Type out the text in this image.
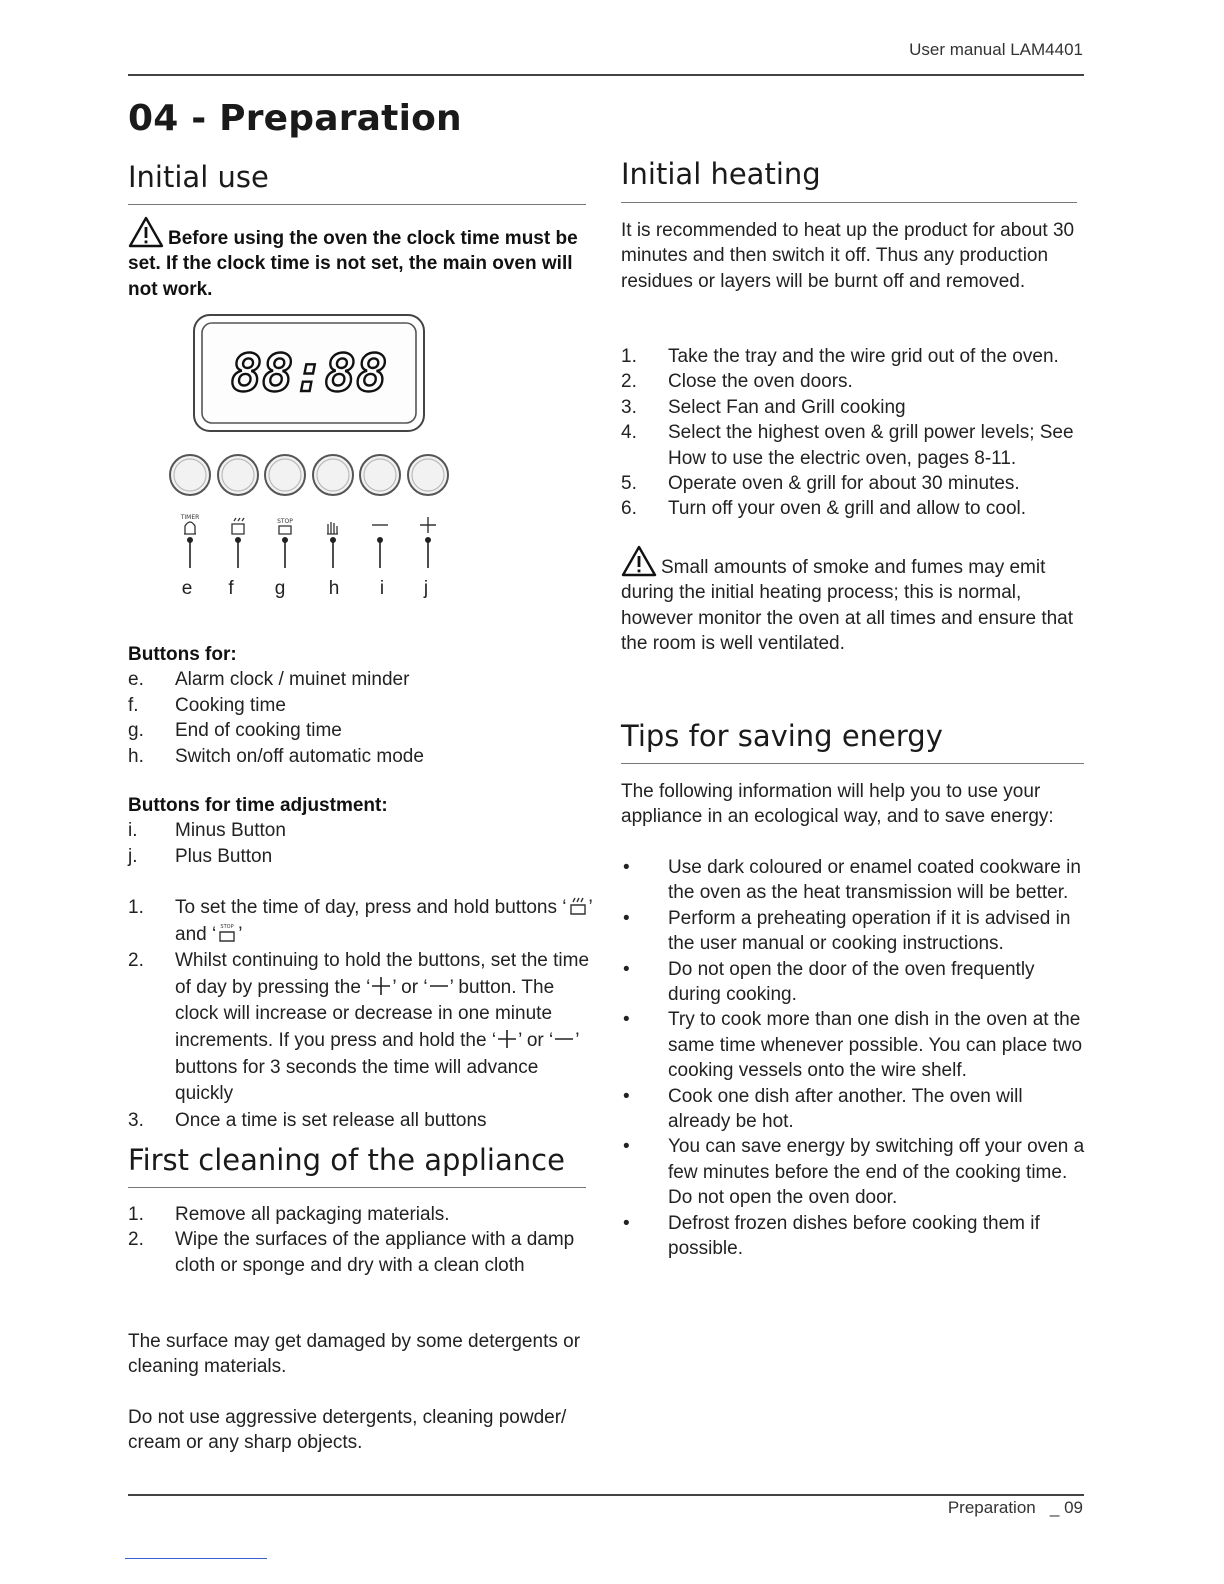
User manual LAM4401
04 - Preparation
Initial use
Before using the oven the clock time must be set. If the clock time is not set, the main oven will not work.
88:88
TIMER
STOP
e f g h i j
Buttons for:
e.	Alarm clock / muinet minder
f.	Cooking time
g.	End of cooking time
h.	Switch on/off automatic mode
Buttons for time adjustment:
i.	Minus Button
j.	Plus Button
1.	To set the time of day, press and hold buttons ‘ ’ and ‘ STOP ’
2.	Whilst continuing to hold the buttons, set the time of day by pressing the ‘ ’ or ‘ ’ button. The clock will increase or decrease in one minute increments. If you press and hold the ‘ ’ or ‘ ’ buttons for 3 seconds the time will advance quickly
3.	Once a time is set release all buttons
First cleaning of the appliance
1.	Remove all packaging materials.
2.	Wipe the surfaces of the appliance with a damp cloth or sponge and dry with a clean cloth
The surface may get damaged by some detergents or cleaning materials.
Do not use aggressive detergents, cleaning powder/ cream or any sharp objects.
Initial heating
It is recommended to heat up the product for about 30 minutes and then switch it off. Thus any production residues or layers will be burnt off and removed.
1.	Take the tray and the wire grid out of the oven.
2.	Close the oven doors.
3.	Select Fan and Grill cooking
4.	Select the highest oven & grill power levels; See How to use the electric oven, pages 8-11.
5.	Operate oven & grill for about 30 minutes.
6.	Turn off your oven & grill and allow to cool.
Small amounts of smoke and fumes may emit during the initial heating process; this is normal, however monitor the oven at all times and ensure that the room is well ventilated.
Tips for saving energy
The following information will help you to use your appliance in an ecological way, and to save energy:
•	Use dark coloured or enamel coated cookware in the oven as the heat transmission will be better.
•	Perform a preheating operation if it is advised in the user manual or cooking instructions.
•	Do not open the door of the oven frequently during cooking.
•	Try to cook more than one dish in the oven at the same time whenever possible. You can place two cooking vessels onto the wire shelf.
•	Cook one dish after another. The oven will already be hot.
•	You can save energy by switching off your oven a few minutes before the end of the cooking time. Do not open the oven door.
•	Defrost frozen dishes before cooking them if possible.
Preparation _ 09
